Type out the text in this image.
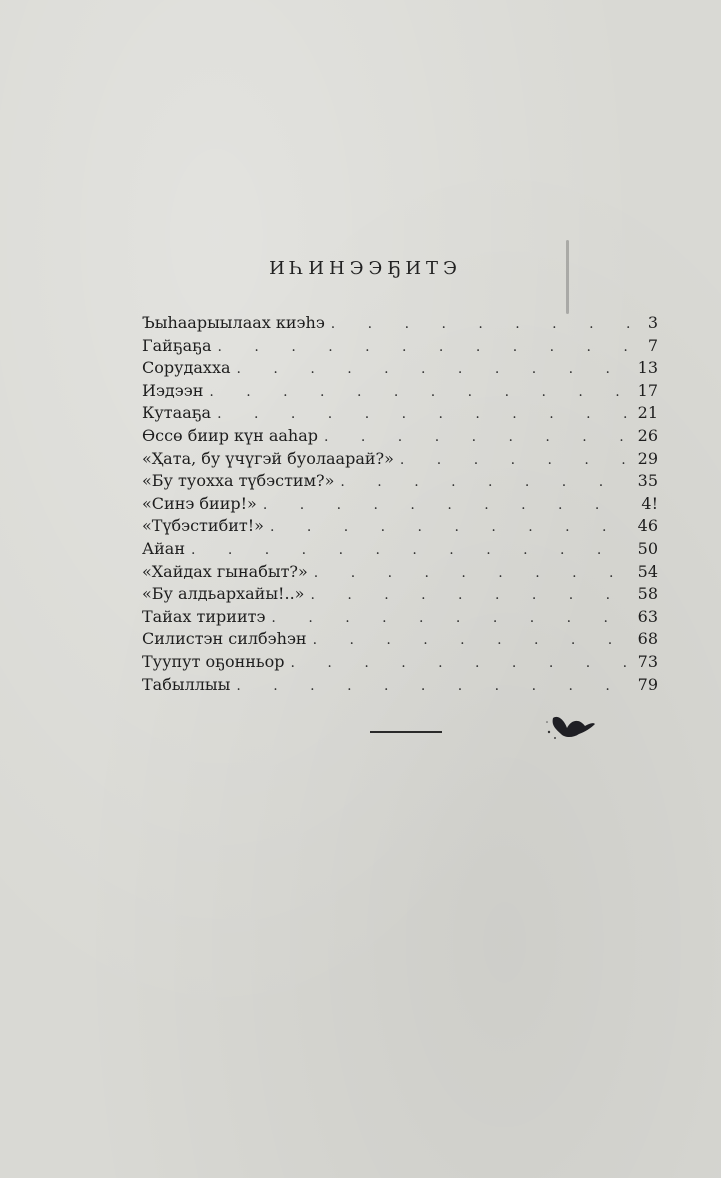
ИҺИНЭЭҔИТЭ
Ъыһаарыылаах киэһэ . . .	3
Гайҕаҕа . . .	7
Сорудахха . . .	13
Иэдээн . . .	17
Кутааҕа . . .	21
Өссө биир күн ааһар . . .	26
«Ҳата, бу үчүгэй буолаарай?» . . .	29
«Бу туохха түбэстим?» . . .	35
«Синэ биир!» . . .	4!
«Түбэстибит!» . . .	46
Айан . . .	50
«Хайдах гынабыт?» . . .	54
«Бу алдьархайы!..» . . .	58
Тайах тириитэ . . .	63
Силистэн силбэһэн . . .	68
Туупут оҕонньор . . .	73
Табыллыы . . .	79
